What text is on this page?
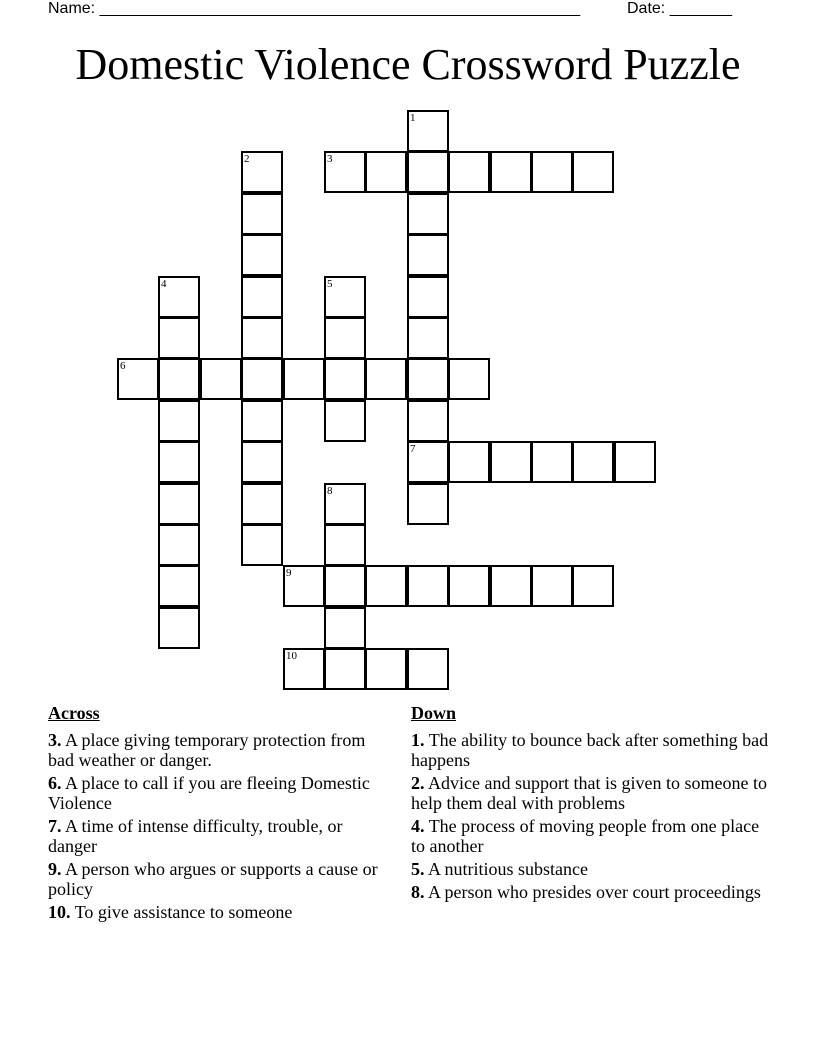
Name: ______________________________________________________	Date: _______
Domestic Violence Crossword Puzzle
1
7
2	3
4	5
6
8
9
10
Across
3. A place giving temporary protection from bad weather or danger.
6. A place to call if you are fleeing Domestic Violence
7. A time of intense difficulty, trouble, or danger
9. A person who argues or supports a cause or policy
10. To give assistance to someone
Down
1. The ability to bounce back after something bad happens
2. Advice and support that is given to someone to help them deal with problems
4. The process of moving people from one place to another
5. A nutritious substance
8. A person who presides over court proceedings
